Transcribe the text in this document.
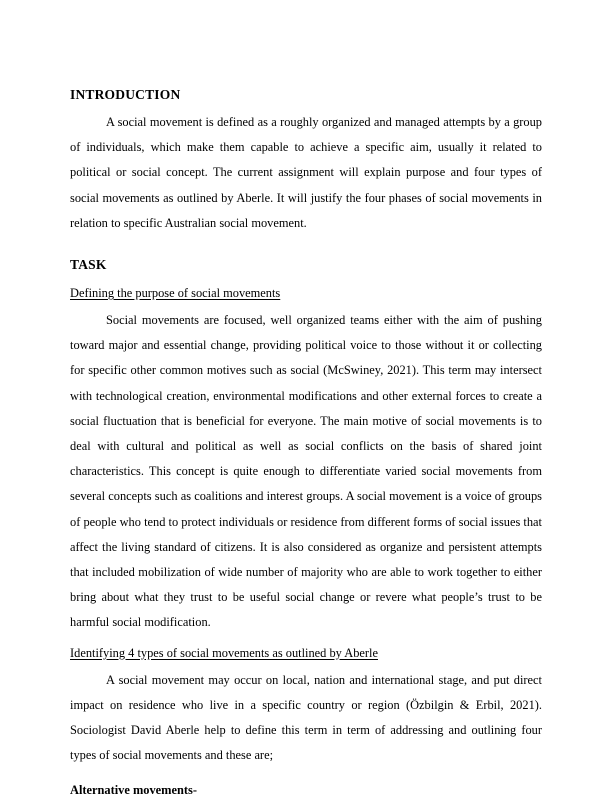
INTRODUCTION

A social movement is defined as a roughly organized and managed attempts by a group of individuals, which make them capable to achieve a specific aim, usually it related to political or social concept. The current assignment will explain purpose and four types of social movements as outlined by Aberle. It will justify the four phases of social movements in relation to specific Australian social movement.

TASK
Defining the purpose of social movements

Social movements are focused, well organized teams either with the aim of pushing toward major and essential change, providing political voice to those without it or collecting for specific other common motives such as social (McSwiney, 2021). This term may intersect with technological creation, environmental modifications and other external forces to create a social fluctuation that is beneficial for everyone. The main motive of social movements is to deal with cultural and political as well as social conflicts on the basis of shared joint characteristics. This concept is quite enough to differentiate varied social movements from several concepts such as coalitions and interest groups. A social movement is a voice of groups of people who tend to protect individuals or residence from different forms of social issues that affect the living standard of citizens. It is also considered as organize and persistent attempts that included mobilization of wide number of majority who are able to work together to either bring about what they trust to be useful social change or revere what people’s trust to be harmful social modification.

Identifying 4 types of social movements as outlined by Aberle

A social movement may occur on local, nation and international stage, and put direct impact on residence who live in a specific country or region (Özbilgin & Erbil, 2021). Sociologist David Aberle help to define this term in term of addressing and outlining four types of social movements and these are;

Alternative movements-
